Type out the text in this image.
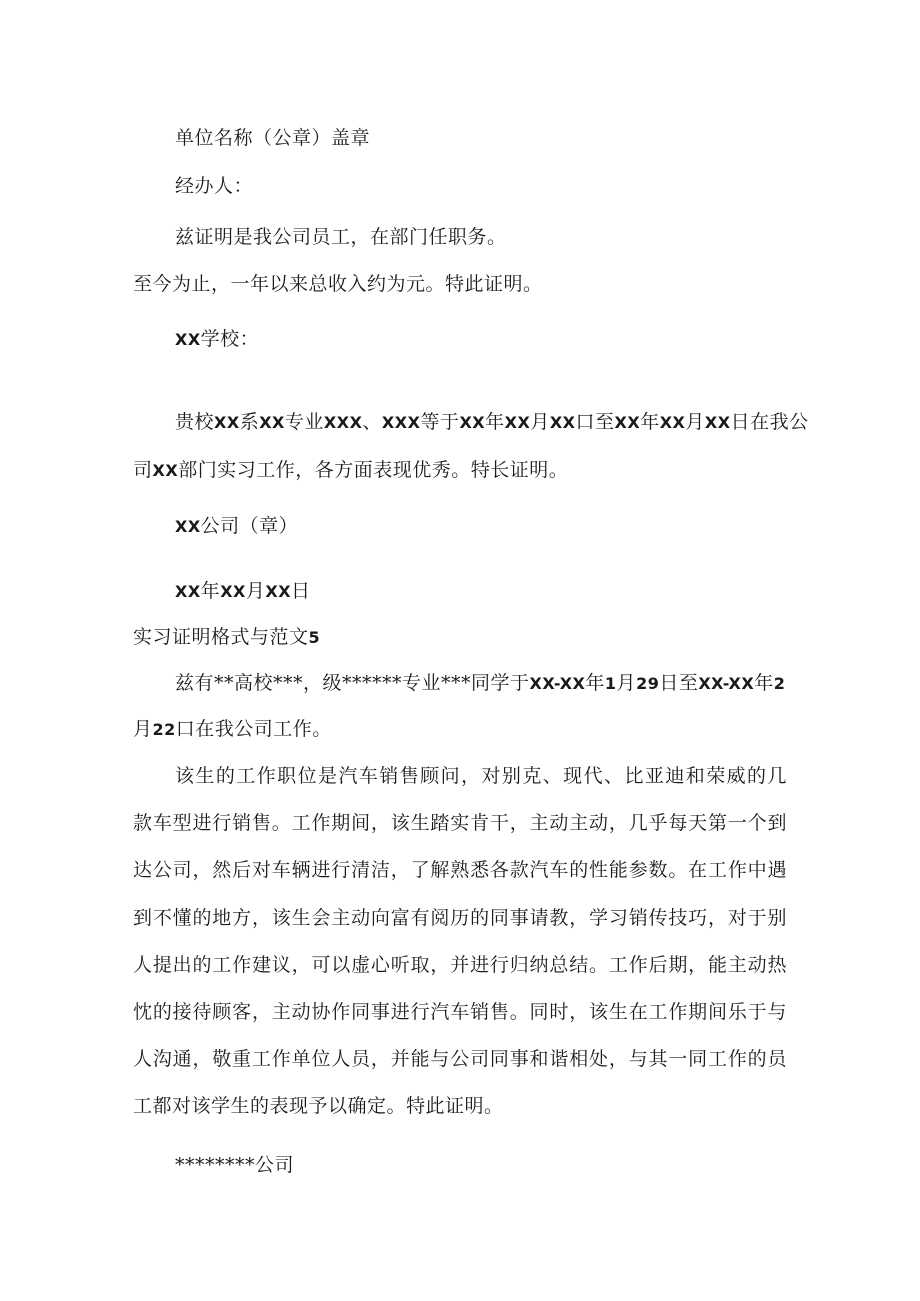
单位名称（公章）盖章
经办人：
兹证明是我公司员工，在部门任职务。
至今为止，一年以来总收入约为元。特此证明。
XX学校：
贵校XX系XX专业XXX、XXX等于XX年XX月XX口至XX年XX月XX日在我公
司XX部门实习工作，各方面表现优秀。特长证明。
XX公司（章）
XX年XX月XX日
实习证明格式与范文5
兹有**高校***，级******专业***同学于XX-XX年1月29日至XX-XX年2
月22口在我公司工作。
该生的工作职位是汽车销售顾问，对别克、现代、比亚迪和荣威的几
款车型进行销售。工作期间，该生踏实肯干，主动主动，几乎每天第一个到
达公司，然后对车辆进行清洁，了解熟悉各款汽车的性能参数。在工作中遇
到不懂的地方，该生会主动向富有阅历的同事请教，学习销传技巧，对于别
人提出的工作建议，可以虚心听取，并进行归纳总结。工作后期，能主动热
忱的接待顾客，主动协作同事进行汽车销售。同时，该生在工作期间乐于与
人沟通，敬重工作单位人员，并能与公司同事和谐相处，与其一同工作的员
工都对该学生的表现予以确定。特此证明。
********公司
